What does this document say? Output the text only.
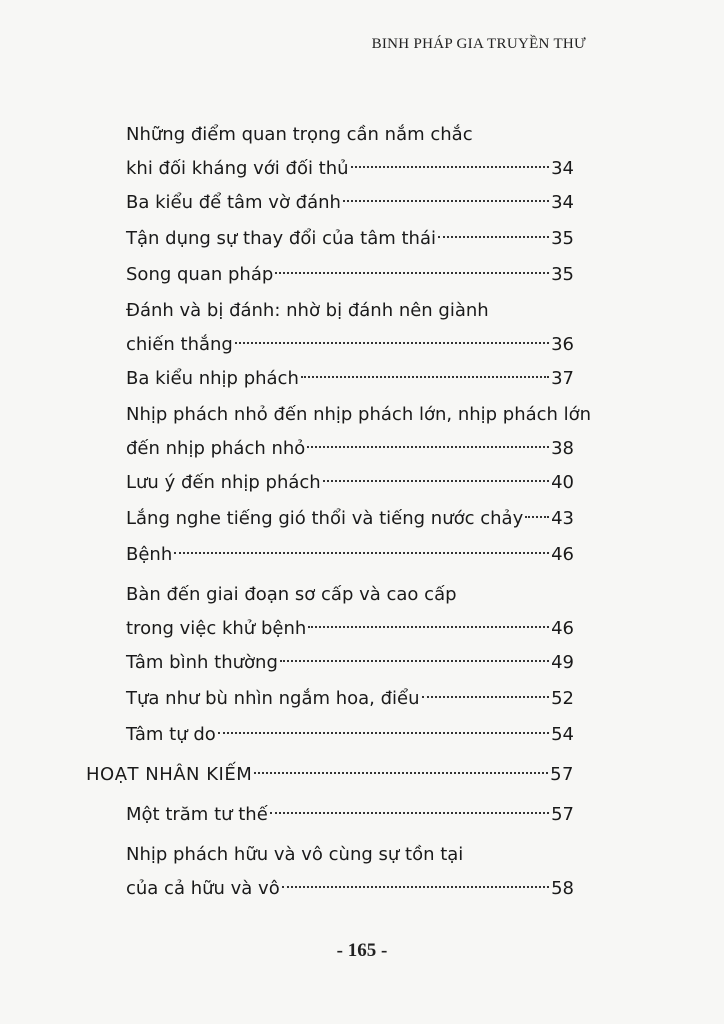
BINH PHÁP GIA TRUYỀN THƯ
Những điểm quan trọng cần nắm chắc
khi đối kháng với đối thủ	34
Ba kiểu để tâm vờ đánh	34
Tận dụng sự thay đổi của tâm thái	35
Song quan pháp	35
Đánh và bị đánh: nhờ bị đánh nên giành
chiến thắng	36
Ba kiểu nhịp phách	37
Nhịp phách nhỏ đến nhịp phách lớn, nhịp phách lớn
đến nhịp phách nhỏ	38
Lưu ý đến nhịp phách	40
Lắng nghe tiếng gió thổi và tiếng nước chảy 43
Bệnh	46
Bàn đến giai đoạn sơ cấp và cao cấp
trong việc khử bệnh	46
Tâm bình thường	49
Tựa như bù nhìn ngắm hoa, điểu	52
Tâm tự do	54
HOẠT NHÂN KIẾM	57
Một trăm tư thế	57
Nhịp phách hữu và vô cùng sự tồn tại
của cả hữu và vô	58
- 165 -
